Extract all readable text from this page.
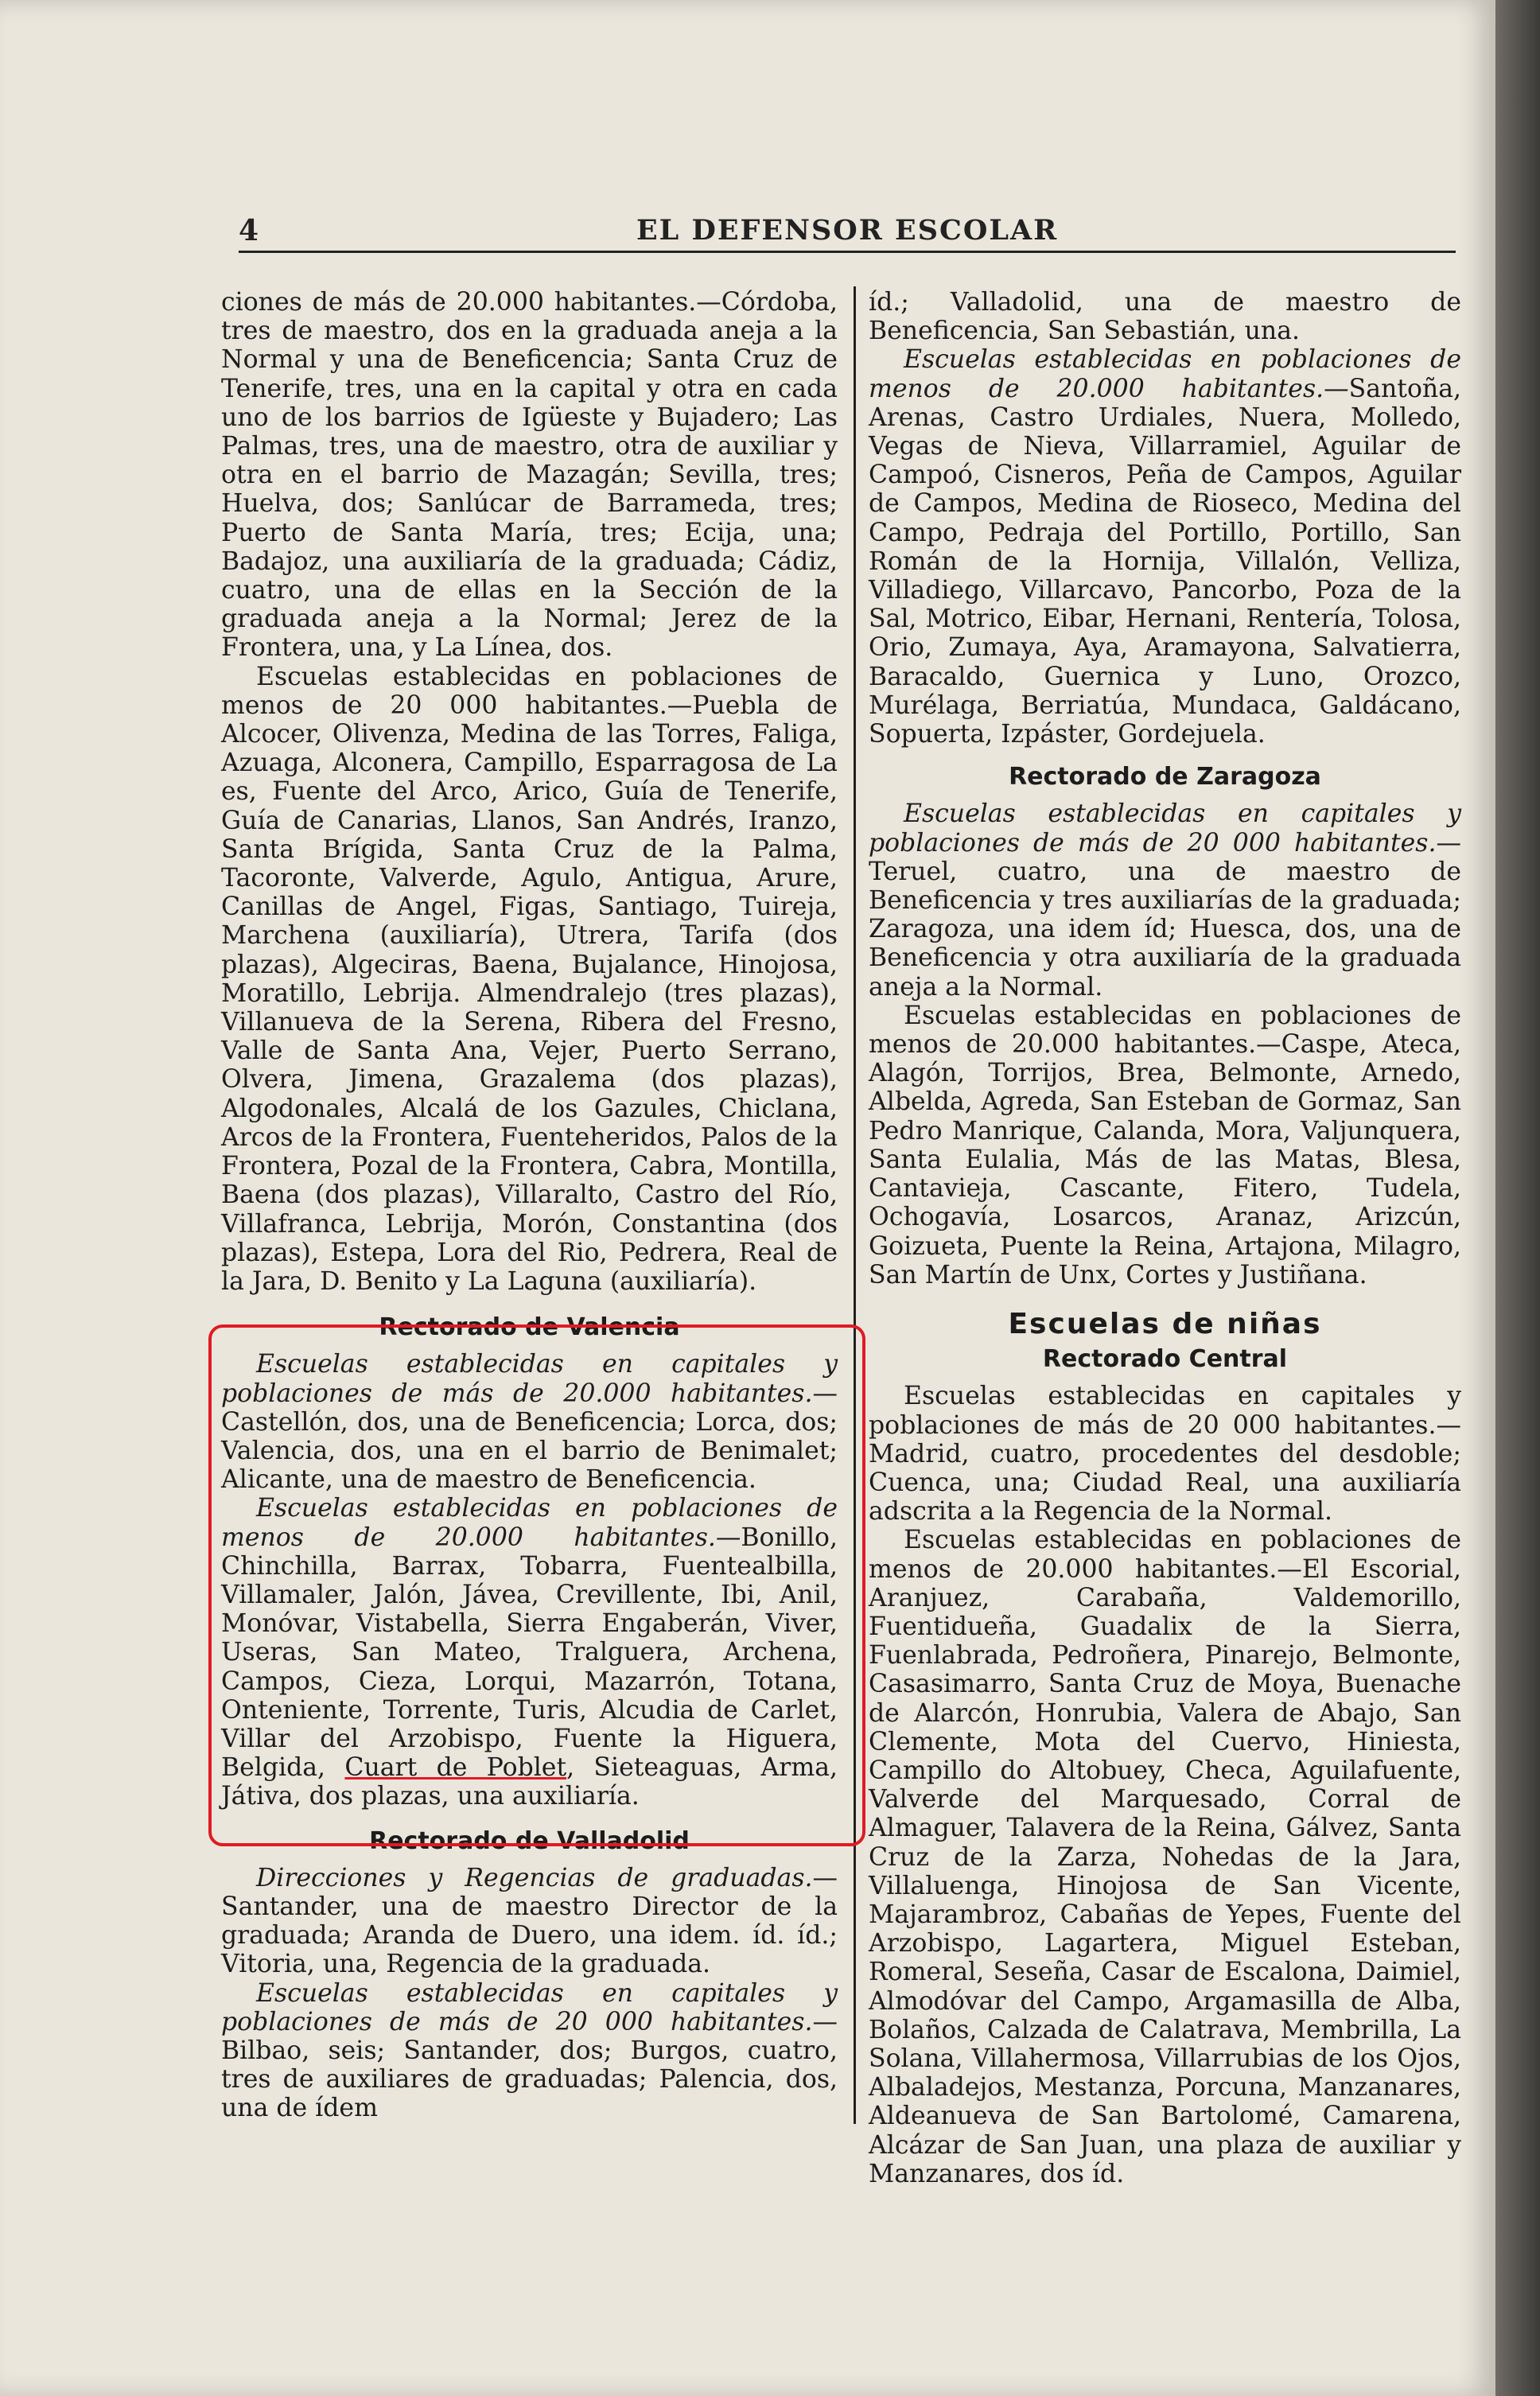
4	EL DEFENSOR ESCOLAR

ciones de más de 20.000 habitantes.—Córdoba, tres de maestro, dos en la graduada aneja a la Normal y una de Beneficencia; Santa Cruz de Tenerife, tres, una en la capital y otra en cada uno de los barrios de Igüeste y Bujadero; Las Palmas, tres, una de maestro, otra de auxiliar y otra en el barrio de Mazagán; Sevilla, tres; Huelva, dos; Sanlúcar de Barrameda, tres; Puerto de Santa María, tres; Ecija, una; Badajoz, una auxiliaría de la graduada; Cádiz, cuatro, una de ellas en la Sección de la graduada aneja a la Normal; Jerez de la Frontera, una, y La Línea, dos.

Escuelas establecidas en poblaciones de menos de 20 000 habitantes.—Puebla de Alcocer, Olivenza, Medina de las Torres, Faliga, Azuaga, Alconera, Campillo, Esparragosa de La es, Fuente del Arco, Arico, Guía de Tenerife, Guía de Canarias, Llanos, San Andrés, Iranzo, Santa Brígida, Santa Cruz de la Palma, Tacoronte, Valverde, Agulo, Antigua, Arure, Canillas de Angel, Figas, Santiago, Tuireja, Marchena (auxiliaría), Utrera, Tarifa (dos plazas), Algeciras, Baena, Bujalance, Hinojosa, Moratillo, Lebrija. Almendralejo (tres plazas), Villanueva de la Serena, Ribera del Fresno, Valle de Santa Ana, Vejer, Puerto Serrano, Olvera, Jimena, Grazalema (dos plazas), Algodonales, Alcalá de los Gazules, Chiclana, Arcos de la Frontera, Fuenteheridos, Palos de la Frontera, Pozal de la Frontera, Cabra, Montilla, Baena (dos plazas), Villaralto, Castro del Río, Villafranca, Lebrija, Morón, Constantina (dos plazas), Estepa, Lora del Rio, Pedrera, Real de la Jara, D. Benito y La Laguna (auxiliaría).

Rectorado de Valencia

Escuelas establecidas en capitales y poblaciones de más de 20.000 habitantes.—Castellón, dos, una de Beneficencia; Lorca, dos; Valencia, dos, una en el barrio de Benimalet; Alicante, una de maestro de Beneficencia.

Escuelas establecidas en poblaciones de menos de 20.000 habitantes.—Bonillo, Chinchilla, Barrax, Tobarra, Fuentealbilla, Villamaler, Jalón, Jávea, Crevillente, Ibi, Anil, Monóvar, Vistabella, Sierra Engaberán, Viver, Useras, San Mateo, Tralguera, Archena, Campos, Cieza, Lorqui, Mazarrón, Totana, Onteniente, Torrente, Turis, Alcudia de Carlet, Villar del Arzobispo, Fuente la Higuera, Belgida, Cuart de Poblet, Sieteaguas, Arma, Játiva, dos plazas, una auxiliaría.

Rectorado de Valladolid

Direcciones y Regencias de graduadas.—Santander, una de maestro Director de la graduada; Aranda de Duero, una idem. íd. íd.; Vitoria, una, Regencia de la graduada.

Escuelas establecidas en capitales y poblaciones de más de 20 000 habitantes.—Bilbao, seis; Santander, dos; Burgos, cuatro, tres de auxiliares de graduadas; Palencia, dos, una de ídem

íd.; Valladolid, una de maestro de Beneficencia, San Sebastián, una.

Escuelas establecidas en poblaciones de menos de 20.000 habitantes.—Santoña, Arenas, Castro Urdiales, Nuera, Molledo, Vegas de Nieva, Villarramiel, Aguilar de Campoó, Cisneros, Peña de Campos, Aguilar de Campos, Medina de Rioseco, Medina del Campo, Pedraja del Portillo, Portillo, San Román de la Hornija, Villalón, Velliza, Villadiego, Villarcavo, Pancorbo, Poza de la Sal, Motrico, Eibar, Hernani, Rentería, Tolosa, Orio, Zumaya, Aya, Aramayona, Salvatierra, Baracaldo, Guernica y Luno, Orozco, Murélaga, Berriatúa, Mundaca, Galdácano, Sopuerta, Izpáster, Gordejuela.

Rectorado de Zaragoza

Escuelas establecidas en capitales y poblaciones de más de 20 000 habitantes.—Teruel, cuatro, una de maestro de Beneficencia y tres auxiliarías de la graduada; Zaragoza, una idem íd; Huesca, dos, una de Beneficencia y otra auxiliaría de la graduada aneja a la Normal.

Escuelas establecidas en poblaciones de menos de 20.000 habitantes.—Caspe, Ateca, Alagón, Torrijos, Brea, Belmonte, Arnedo, Albelda, Agreda, San Esteban de Gormaz, San Pedro Manrique, Calanda, Mora, Valjunquera, Santa Eulalia, Más de las Matas, Blesa, Cantavieja, Cascante, Fitero, Tudela, Ochogavía, Losarcos, Aranaz, Arizcún, Goizueta, Puente la Reina, Artajona, Milagro, San Martín de Unx, Cortes y Justiñana.

Escuelas de niñas
Rectorado Central

Escuelas establecidas en capitales y poblaciones de más de 20 000 habitantes.—Madrid, cuatro, procedentes del desdoble; Cuenca, una; Ciudad Real, una auxiliaría adscrita a la Regencia de la Normal.

Escuelas establecidas en poblaciones de menos de 20.000 habitantes.—El Escorial, Aranjuez, Carabaña, Valdemorillo, Fuentidueña, Guadalix de la Sierra, Fuenlabrada, Pedroñera, Pinarejo, Belmonte, Casasimarro, Santa Cruz de Moya, Buenache de Alarcón, Honrubia, Valera de Abajo, San Clemente, Mota del Cuervo, Hiniesta, Campillo do Altobuey, Checa, Aguilafuente, Valverde del Marquesado, Corral de Almaguer, Talavera de la Reina, Gálvez, Santa Cruz de la Zarza, Nohedas de la Jara, Villaluenga, Hinojosa de San Vicente, Majarambroz, Cabañas de Yepes, Fuente del Arzobispo, Lagartera, Miguel Esteban, Romeral, Seseña, Casar de Escalona, Daimiel, Almodóvar del Campo, Argamasilla de Alba, Bolaños, Calzada de Calatrava, Membrilla, La Solana, Villahermosa, Villarrubias de los Ojos, Albaladejos, Mestanza, Porcuna, Manzanares, Aldeanueva de San Bartolomé, Camarena, Alcázar de San Juan, una plaza de auxiliar y Manzanares, dos íd.
